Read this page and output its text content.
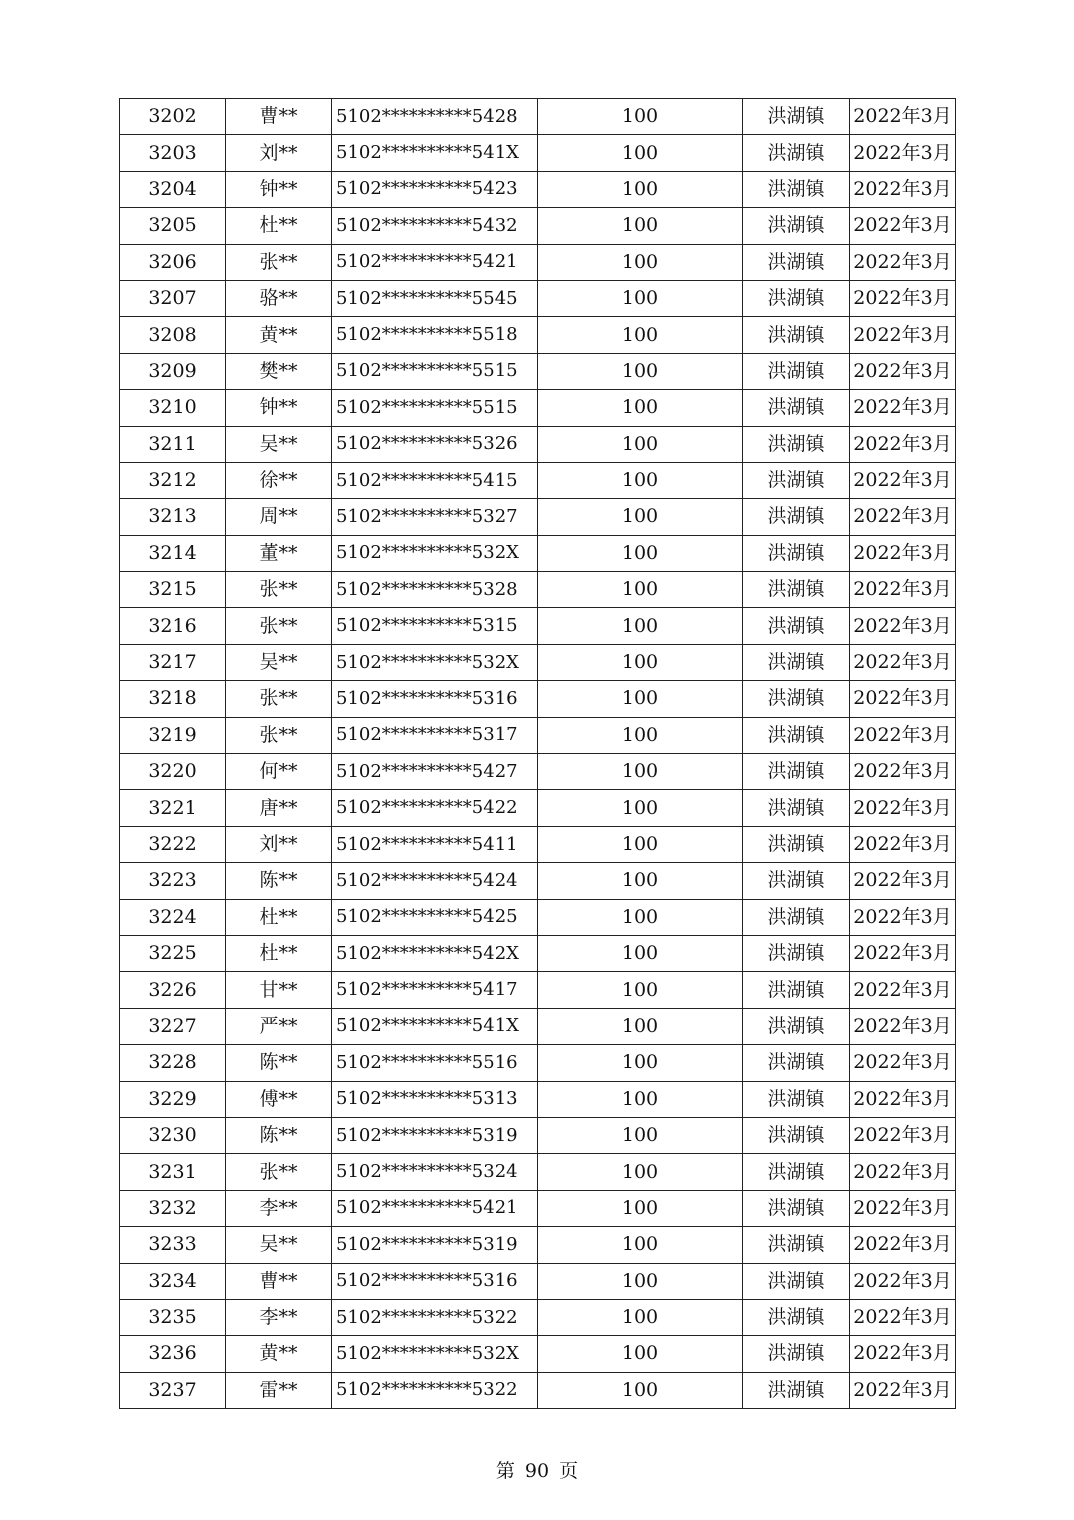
3202	曹**	5102**********5428	100	洪湖镇	2022年3月
3203	刘**	5102**********541X	100	洪湖镇	2022年3月
3204	钟**	5102**********5423	100	洪湖镇	2022年3月
3205	杜**	5102**********5432	100	洪湖镇	2022年3月
3206	张**	5102**********5421	100	洪湖镇	2022年3月
3207	骆**	5102**********5545	100	洪湖镇	2022年3月
3208	黄**	5102**********5518	100	洪湖镇	2022年3月
3209	樊**	5102**********5515	100	洪湖镇	2022年3月
3210	钟**	5102**********5515	100	洪湖镇	2022年3月
3211	吴**	5102**********5326	100	洪湖镇	2022年3月
3212	徐**	5102**********5415	100	洪湖镇	2022年3月
3213	周**	5102**********5327	100	洪湖镇	2022年3月
3214	董**	5102**********532X	100	洪湖镇	2022年3月
3215	张**	5102**********5328	100	洪湖镇	2022年3月
3216	张**	5102**********5315	100	洪湖镇	2022年3月
3217	吴**	5102**********532X	100	洪湖镇	2022年3月
3218	张**	5102**********5316	100	洪湖镇	2022年3月
3219	张**	5102**********5317	100	洪湖镇	2022年3月
3220	何**	5102**********5427	100	洪湖镇	2022年3月
3221	唐**	5102**********5422	100	洪湖镇	2022年3月
3222	刘**	5102**********5411	100	洪湖镇	2022年3月
3223	陈**	5102**********5424	100	洪湖镇	2022年3月
3224	杜**	5102**********5425	100	洪湖镇	2022年3月
3225	杜**	5102**********542X	100	洪湖镇	2022年3月
3226	甘**	5102**********5417	100	洪湖镇	2022年3月
3227	严**	5102**********541X	100	洪湖镇	2022年3月
3228	陈**	5102**********5516	100	洪湖镇	2022年3月
3229	傅**	5102**********5313	100	洪湖镇	2022年3月
3230	陈**	5102**********5319	100	洪湖镇	2022年3月
3231	张**	5102**********5324	100	洪湖镇	2022年3月
3232	李**	5102**********5421	100	洪湖镇	2022年3月
3233	吴**	5102**********5319	100	洪湖镇	2022年3月
3234	曹**	5102**********5316	100	洪湖镇	2022年3月
3235	李**	5102**********5322	100	洪湖镇	2022年3月
3236	黄**	5102**********532X	100	洪湖镇	2022年3月
3237	雷**	5102**********5322	100	洪湖镇	2022年3月
第 90 页
